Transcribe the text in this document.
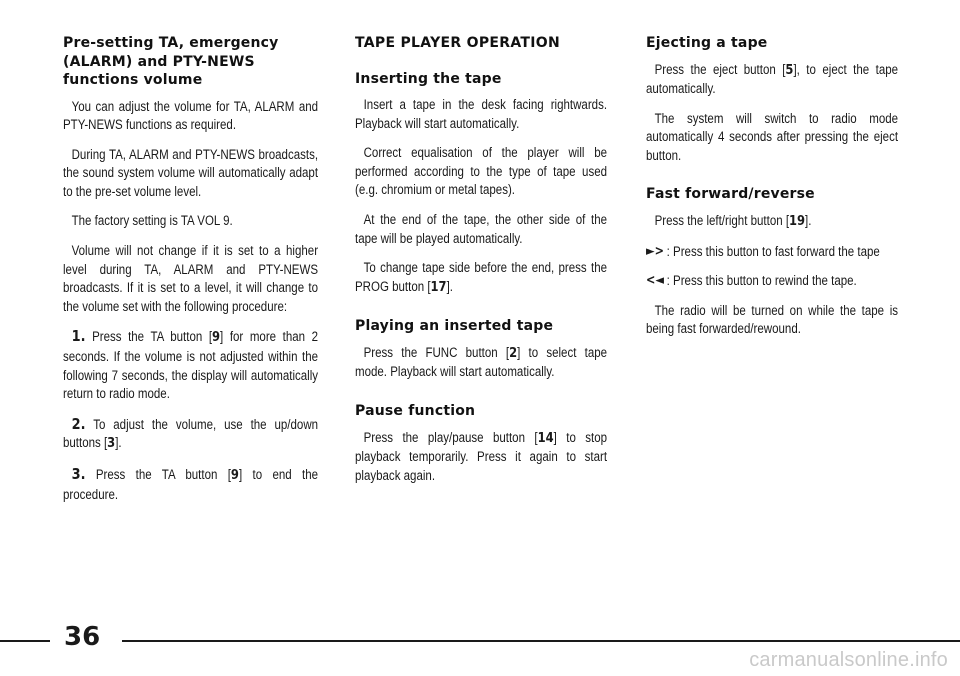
Pre-setting TA, emergency (ALARM) and PTY-NEWS functions volume

You can adjust the volume for TA, ALARM and PTY-NEWS functions as required.

During TA, ALARM and PTY-NEWS broadcasts, the sound system volume will automatically adapt to the pre-set volume level.

The factory setting is TA VOL 9.

Volume will not change if it is set to a higher level during TA, ALARM and PTY-NEWS broadcasts. If it is set to a level, it will change to the volume set with the following procedure:

1. Press the TA button [9] for more than 2 seconds. If the volume is not adjusted within the following 7 seconds, the display will automatically return to radio mode.

2. To adjust the volume, use the up/down buttons [3].

3. Press the TA button [9] to end the procedure.

TAPE PLAYER OPERATION
Inserting the tape

Insert a tape in the desk facing rightwards. Playback will start automatically.

Correct equalisation of the player will be performed according to the type of tape used (e.g. chromium or metal tapes).

At the end of the tape, the other side of the tape will be played automatically.

To change tape side before the end, press the PROG button [17].

Playing an inserted tape

Press the FUNC button [2] to select tape mode. Playback will start automatically.

Pause function

Press the play/pause button [14] to stop playback temporarily. Press it again to start playback again.

Ejecting a tape

Press the eject button [5], to eject the tape automatically.

The system will switch to radio mode automatically 4 seconds after pressing the eject button.

Fast forward/reverse

Press the left/right button [19].

►> : Press this button to fast forward the tape

<◄ : Press this button to rewind the tape.

The radio will be turned on while the tape is being fast forwarded/rewound.

36
carmanualsonline.info
